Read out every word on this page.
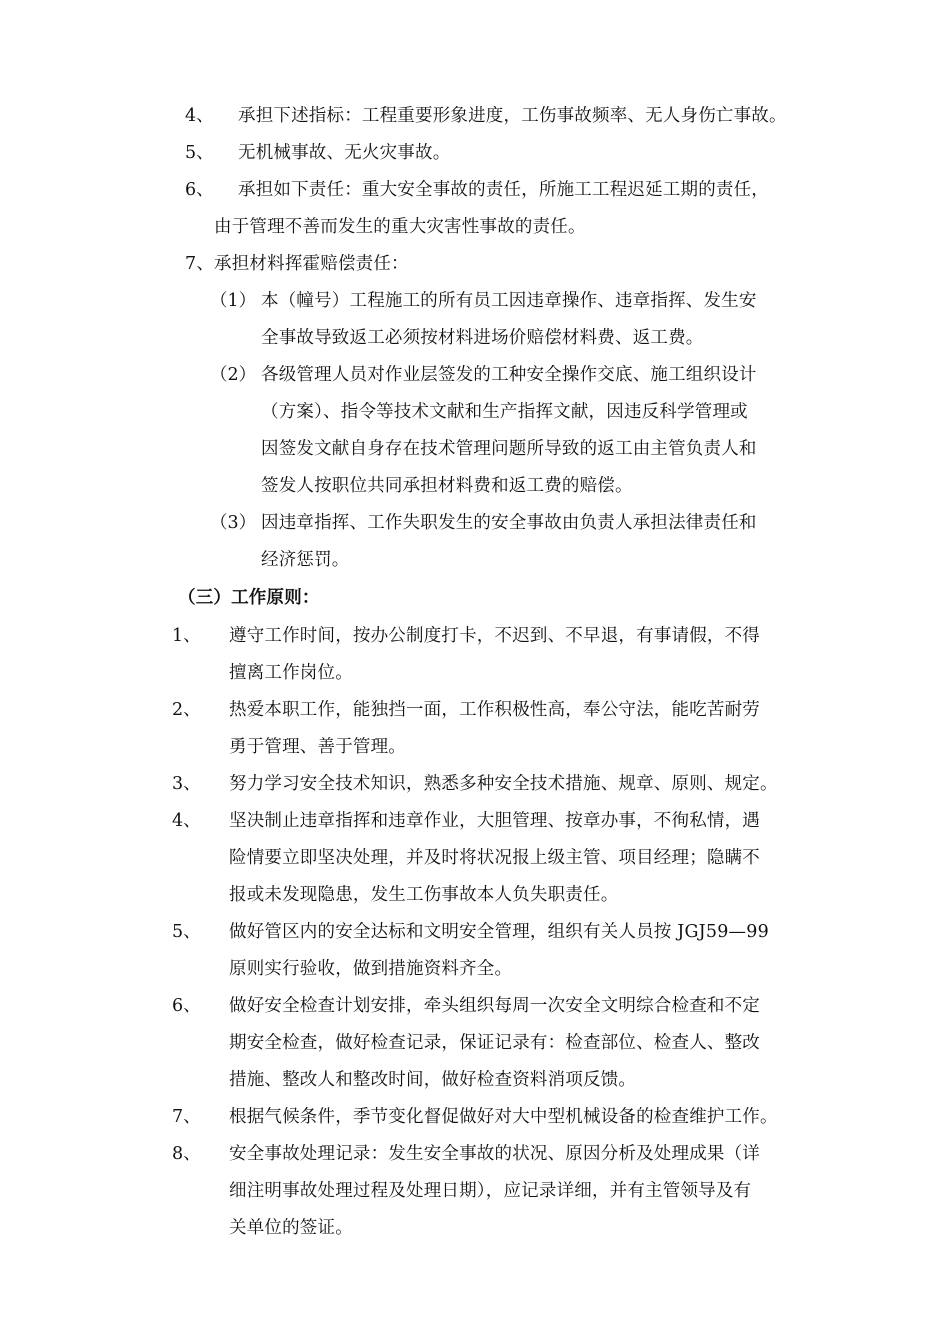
4、 承担下述指标：工程重要形象进度，工伤事故频率、无人身伤亡事故。
5、 无机械事故、无火灾事故。
6、 承担如下责任：重大安全事故的责任，所施工工程迟延工期的责任，
由于管理不善而发生的重大灾害性事故的责任。
7、承担材料挥霍赔偿责任：
（1） 本（幢号）工程施工的所有员工因违章操作、违章指挥、发生安
全事故导致返工必须按材料进场价赔偿材料费、返工费。
（2） 各级管理人员对作业层签发的工种安全操作交底、施工组织设计
（方案）、指令等技术文献和生产指挥文献，因违反科学管理或
因签发文献自身存在技术管理问题所导致的返工由主管负责人和
签发人按职位共同承担材料费和返工费的赔偿。
（3） 因违章指挥、工作失职发生的安全事故由负责人承担法律责任和
经济惩罚。
（三）工作原则：
1、 遵守工作时间，按办公制度打卡，不迟到、不早退，有事请假，不得
擅离工作岗位。
2、 热爱本职工作，能独挡一面，工作积极性高，奉公守法，能吃苦耐劳
勇于管理、善于管理。
3、 努力学习安全技术知识，熟悉多种安全技术措施、规章、原则、规定。
4、 坚决制止违章指挥和违章作业，大胆管理、按章办事，不徇私情，遇
险情要立即坚决处理，并及时将状况报上级主管、项目经理；隐瞒不
报或未发现隐患，发生工伤事故本人负失职责任。
5、 做好管区内的安全达标和文明安全管理，组织有关人员按 JGJ59—99
原则实行验收，做到措施资料齐全。
6、 做好安全检查计划安排，牵头组织每周一次安全文明综合检查和不定
期安全检查，做好检查记录，保证记录有：检查部位、检查人、整改
措施、整改人和整改时间，做好检查资料消项反馈。
7、 根据气候条件，季节变化督促做好对大中型机械设备的检查维护工作。
8、 安全事故处理记录：发生安全事故的状况、原因分析及处理成果（详
细注明事故处理过程及处理日期），应记录详细，并有主管领导及有
关单位的签证。
